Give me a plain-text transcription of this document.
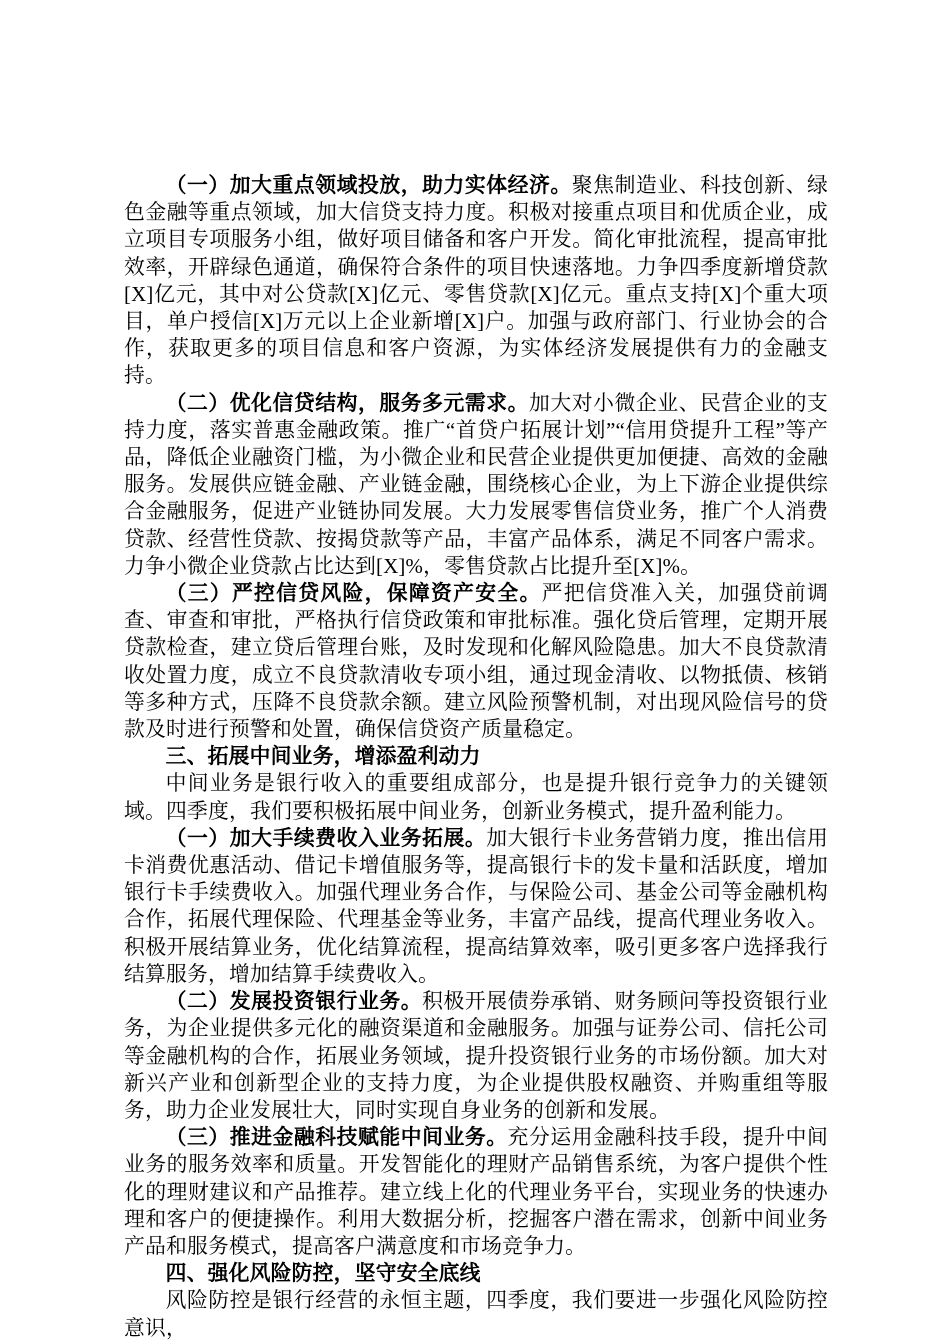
（一）加大重点领域投放，助力实体经济。聚焦制造业、科技创新、绿色金融等重点领域，加大信贷支持力度。积极对接重点项目和优质企业，成立项目专项服务小组，做好项目储备和客户开发。简化审批流程，提高审批效率，开辟绿色通道，确保符合条件的项目快速落地。力争四季度新增贷款[X]亿元，其中对公贷款[X]亿元、零售贷款[X]亿元。重点支持[X]个重大项目，单户授信[X]万元以上企业新增[X]户。加强与政府部门、行业协会的合作，获取更多的项目信息和客户资源，为实体经济发展提供有力的金融支持。

（二）优化信贷结构，服务多元需求。加大对小微企业、民营企业的支持力度，落实普惠金融政策。推广“首贷户拓展计划”“信用贷提升工程”等产品，降低企业融资门槛，为小微企业和民营企业提供更加便捷、高效的金融服务。发展供应链金融、产业链金融，围绕核心企业，为上下游企业提供综合金融服务，促进产业链协同发展。大力发展零售信贷业务，推广个人消费贷款、经营性贷款、按揭贷款等产品，丰富产品体系，满足不同客户需求。力争小微企业贷款占比达到[X]%，零售贷款占比提升至[X]%。

（三）严控信贷风险，保障资产安全。严把信贷准入关，加强贷前调查、审查和审批，严格执行信贷政策和审批标准。强化贷后管理，定期开展贷款检查，建立贷后管理台账，及时发现和化解风险隐患。加大不良贷款清收处置力度，成立不良贷款清收专项小组，通过现金清收、以物抵债、核销等多种方式，压降不良贷款余额。建立风险预警机制，对出现风险信号的贷款及时进行预警和处置，确保信贷资产质量稳定。

三、拓展中间业务，增添盈利动力

中间业务是银行收入的重要组成部分，也是提升银行竞争力的关键领域。四季度，我们要积极拓展中间业务，创新业务模式，提升盈利能力。

（一）加大手续费收入业务拓展。加大银行卡业务营销力度，推出信用卡消费优惠活动、借记卡增值服务等，提高银行卡的发卡量和活跃度，增加银行卡手续费收入。加强代理业务合作，与保险公司、基金公司等金融机构合作，拓展代理保险、代理基金等业务，丰富产品线，提高代理业务收入。积极开展结算业务，优化结算流程，提高结算效率，吸引更多客户选择我行结算服务，增加结算手续费收入。

（二）发展投资银行业务。积极开展债券承销、财务顾问等投资银行业务，为企业提供多元化的融资渠道和金融服务。加强与证券公司、信托公司等金融机构的合作，拓展业务领域，提升投资银行业务的市场份额。加大对新兴产业和创新型企业的支持力度，为企业提供股权融资、并购重组等服务，助力企业发展壮大，同时实现自身业务的创新和发展。

（三）推进金融科技赋能中间业务。充分运用金融科技手段，提升中间业务的服务效率和质量。开发智能化的理财产品销售系统，为客户提供个性化的理财建议和产品推荐。建立线上化的代理业务平台，实现业务的快速办理和客户的便捷操作。利用大数据分析，挖掘客户潜在需求，创新中间业务产品和服务模式，提高客户满意度和市场竞争力。

四、强化风险防控，坚守安全底线

风险防控是银行经营的永恒主题，四季度，我们要进一步强化风险防控意识，
